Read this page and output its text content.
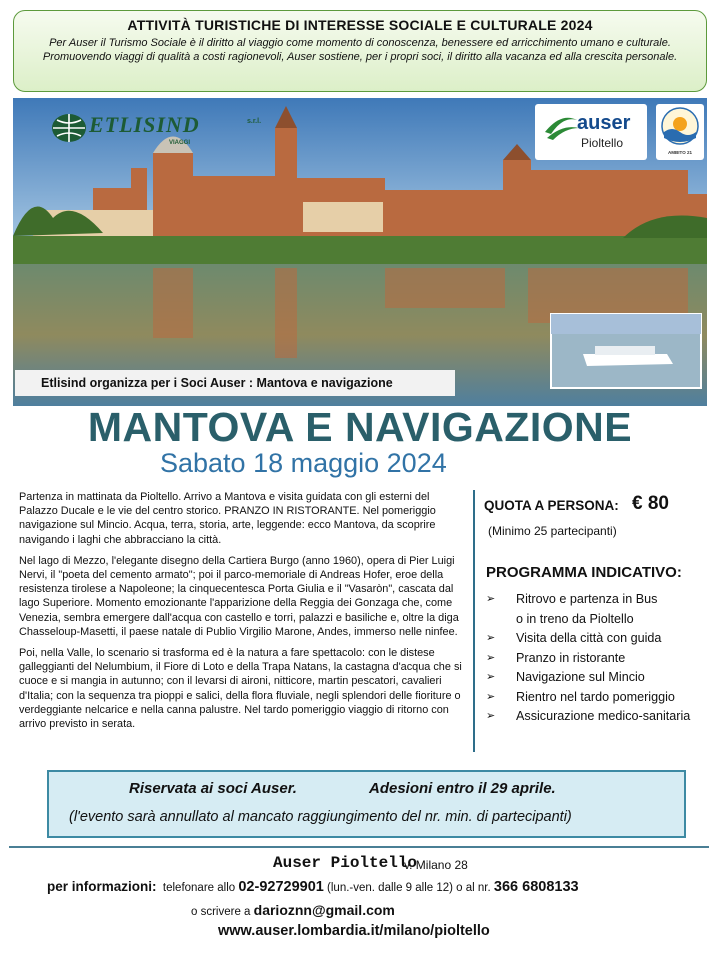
ATTIVITÀ TURISTICHE DI INTERESSE SOCIALE E CULTURALE 2024
Per Auser il Turismo Sociale è il diritto al viaggio come momento di conoscenza, benessere ed arricchimento umano e culturale. Promuovendo viaggi di qualità a costi ragionevoli, Auser sostiene, per i propri soci, il diritto alla vacanza ed alla crescita personale.
ETLISIND	s.r.l.
VIAGGI
auser
Pioltello
AMBITO 21
Etlisind organizza per i Soci Auser : Mantova e navigazione
MANTOVA E NAVIGAZIONE
Sabato 18 maggio 2024

Partenza in mattinata da Pioltello. Arrivo a Mantova e visita guidata con gli esterni del Palazzo Ducale e le vie del centro storico. PRANZO IN RISTORANTE. Nel pomeriggio navigazione sul Mincio. Acqua, terra, storia, arte, leggende: ecco Mantova, da scoprire navigando i laghi che abbracciano la città.

Nel lago di Mezzo, l'elegante disegno della Cartiera Burgo (anno 1960), opera di Pier Luigi Nervi, il "poeta del cemento armato"; poi il parco-memoriale di Andreas Hofer, eroe della resistenza tirolese a Napoleone; la cinquecentesca Porta Giulia e il "Vasaròn", cascata dal lago Superiore. Momento emozionante l'apparizione della Reggia dei Gonzaga che, come Venezia, sembra emergere dall'acqua con castello e torri, palazzi e basiliche e, oltre la diga Chasseloup-Masetti, il paese natale di Publio Virgilio Marone, Andes, immerso nelle ninfee.

Poi, nella Valle, lo scenario si trasforma ed è la natura a fare spettacolo: con le distese galleggianti del Nelumbium, il Fiore di Loto e della Trapa Natans, la castagna d'acqua che si cuoce e si mangia in autunno; con il levarsi di aironi, nitticore, martin pescatori, cavalieri d'Italia; con la sequenza tra pioppi e salici, della flora fluviale, negli splendori delle fioriture o verdeggiante nelcarice e nella canna palustre. Nel tardo pomeriggio viaggio di ritorno con arrivo previsto in serata.

QUOTA A PERSONA: € 80
(Minimo 25 partecipanti)
PROGRAMMA INDICATIVO:
➢ Ritrovo e partenza in Bus
o in treno da Pioltello
➢ Visita della città con guida
➢ Pranzo in ristorante
➢ Navigazione sul Mincio
➢ Rientro nel tardo pomeriggio
➢ Assicurazione medico-sanitaria
Riservata ai soci Auser.	Adesioni entro il 29 aprile.
(l'evento sarà annullato al mancato raggiungimento del nr. min. di partecipanti)
Auser Pioltello
v. Milano 28
per informazioni: telefonare allo 02-92729901 (lun.-ven. dalle 9 alle 12) o al nr. 366 6808133
o scrivere a darioznn@gmail.com
www.auser.lombardia.it/milano/pioltello
